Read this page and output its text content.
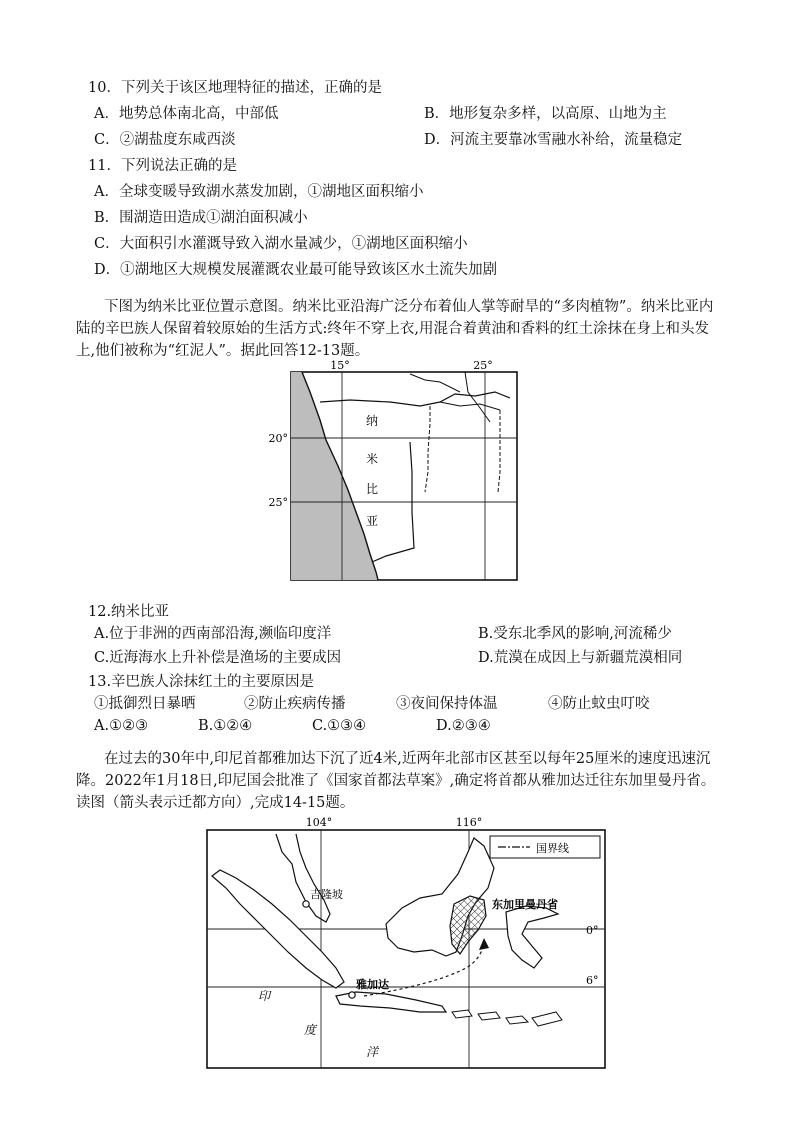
10．下列关于该区地理特征的描述，正确的是
A．地势总体南北高，中部低	B．地形复杂多样，以高原、山地为主
C．②湖盐度东咸西淡	D．河流主要靠冰雪融水补给，流量稳定
11．下列说法正确的是
A．全球变暖导致湖水蒸发加剧，①湖地区面积缩小
B．围湖造田造成①湖泊面积减小
C．大面积引水灌溉导致入湖水量减少，①湖地区面积缩小
D．①湖地区大规模发展灌溉农业最可能导致该区水土流失加剧
下图为纳米比亚位置示意图。纳米比亚沿海广泛分布着仙人掌等耐旱的“多肉植物”。纳米比亚内陆的辛巴族人保留着较原始的生活方式:终年不穿上衣,用混合着黄油和香料的红土涂抹在身上和头发上,他们被称为“红泥人”。据此回答12-13题。
15°	25°
20°
25°
纳
米
比
亚
12.纳米比亚
A.位于非洲的西南部沿海,濒临印度洋	B.受东北季风的影响,河流稀少
C.近海海水上升补偿是渔场的主要成因	D.荒漠在成因上与新疆荒漠相同
13.辛巴族人涂抹红土的主要原因是
①抵御烈日暴晒	②防止疾病传播	③夜间保持体温	④防止蚊虫叮咬
A.①②③	B.①②④	C.①③④	D.②③④
在过去的30年中,印尼首都雅加达下沉了近4米,近两年北部市区甚至以每年25厘米的速度迅速沉降。2022年1月18日,印尼国会批准了《国家首都法草案》,确定将首都从雅加达迁往东加里曼丹省。读图（箭头表示迁都方向）,完成14-15题。
国界线
104°	116°
0°
6°
吉隆坡
东加里曼丹省
雅加达
印
度
洋
